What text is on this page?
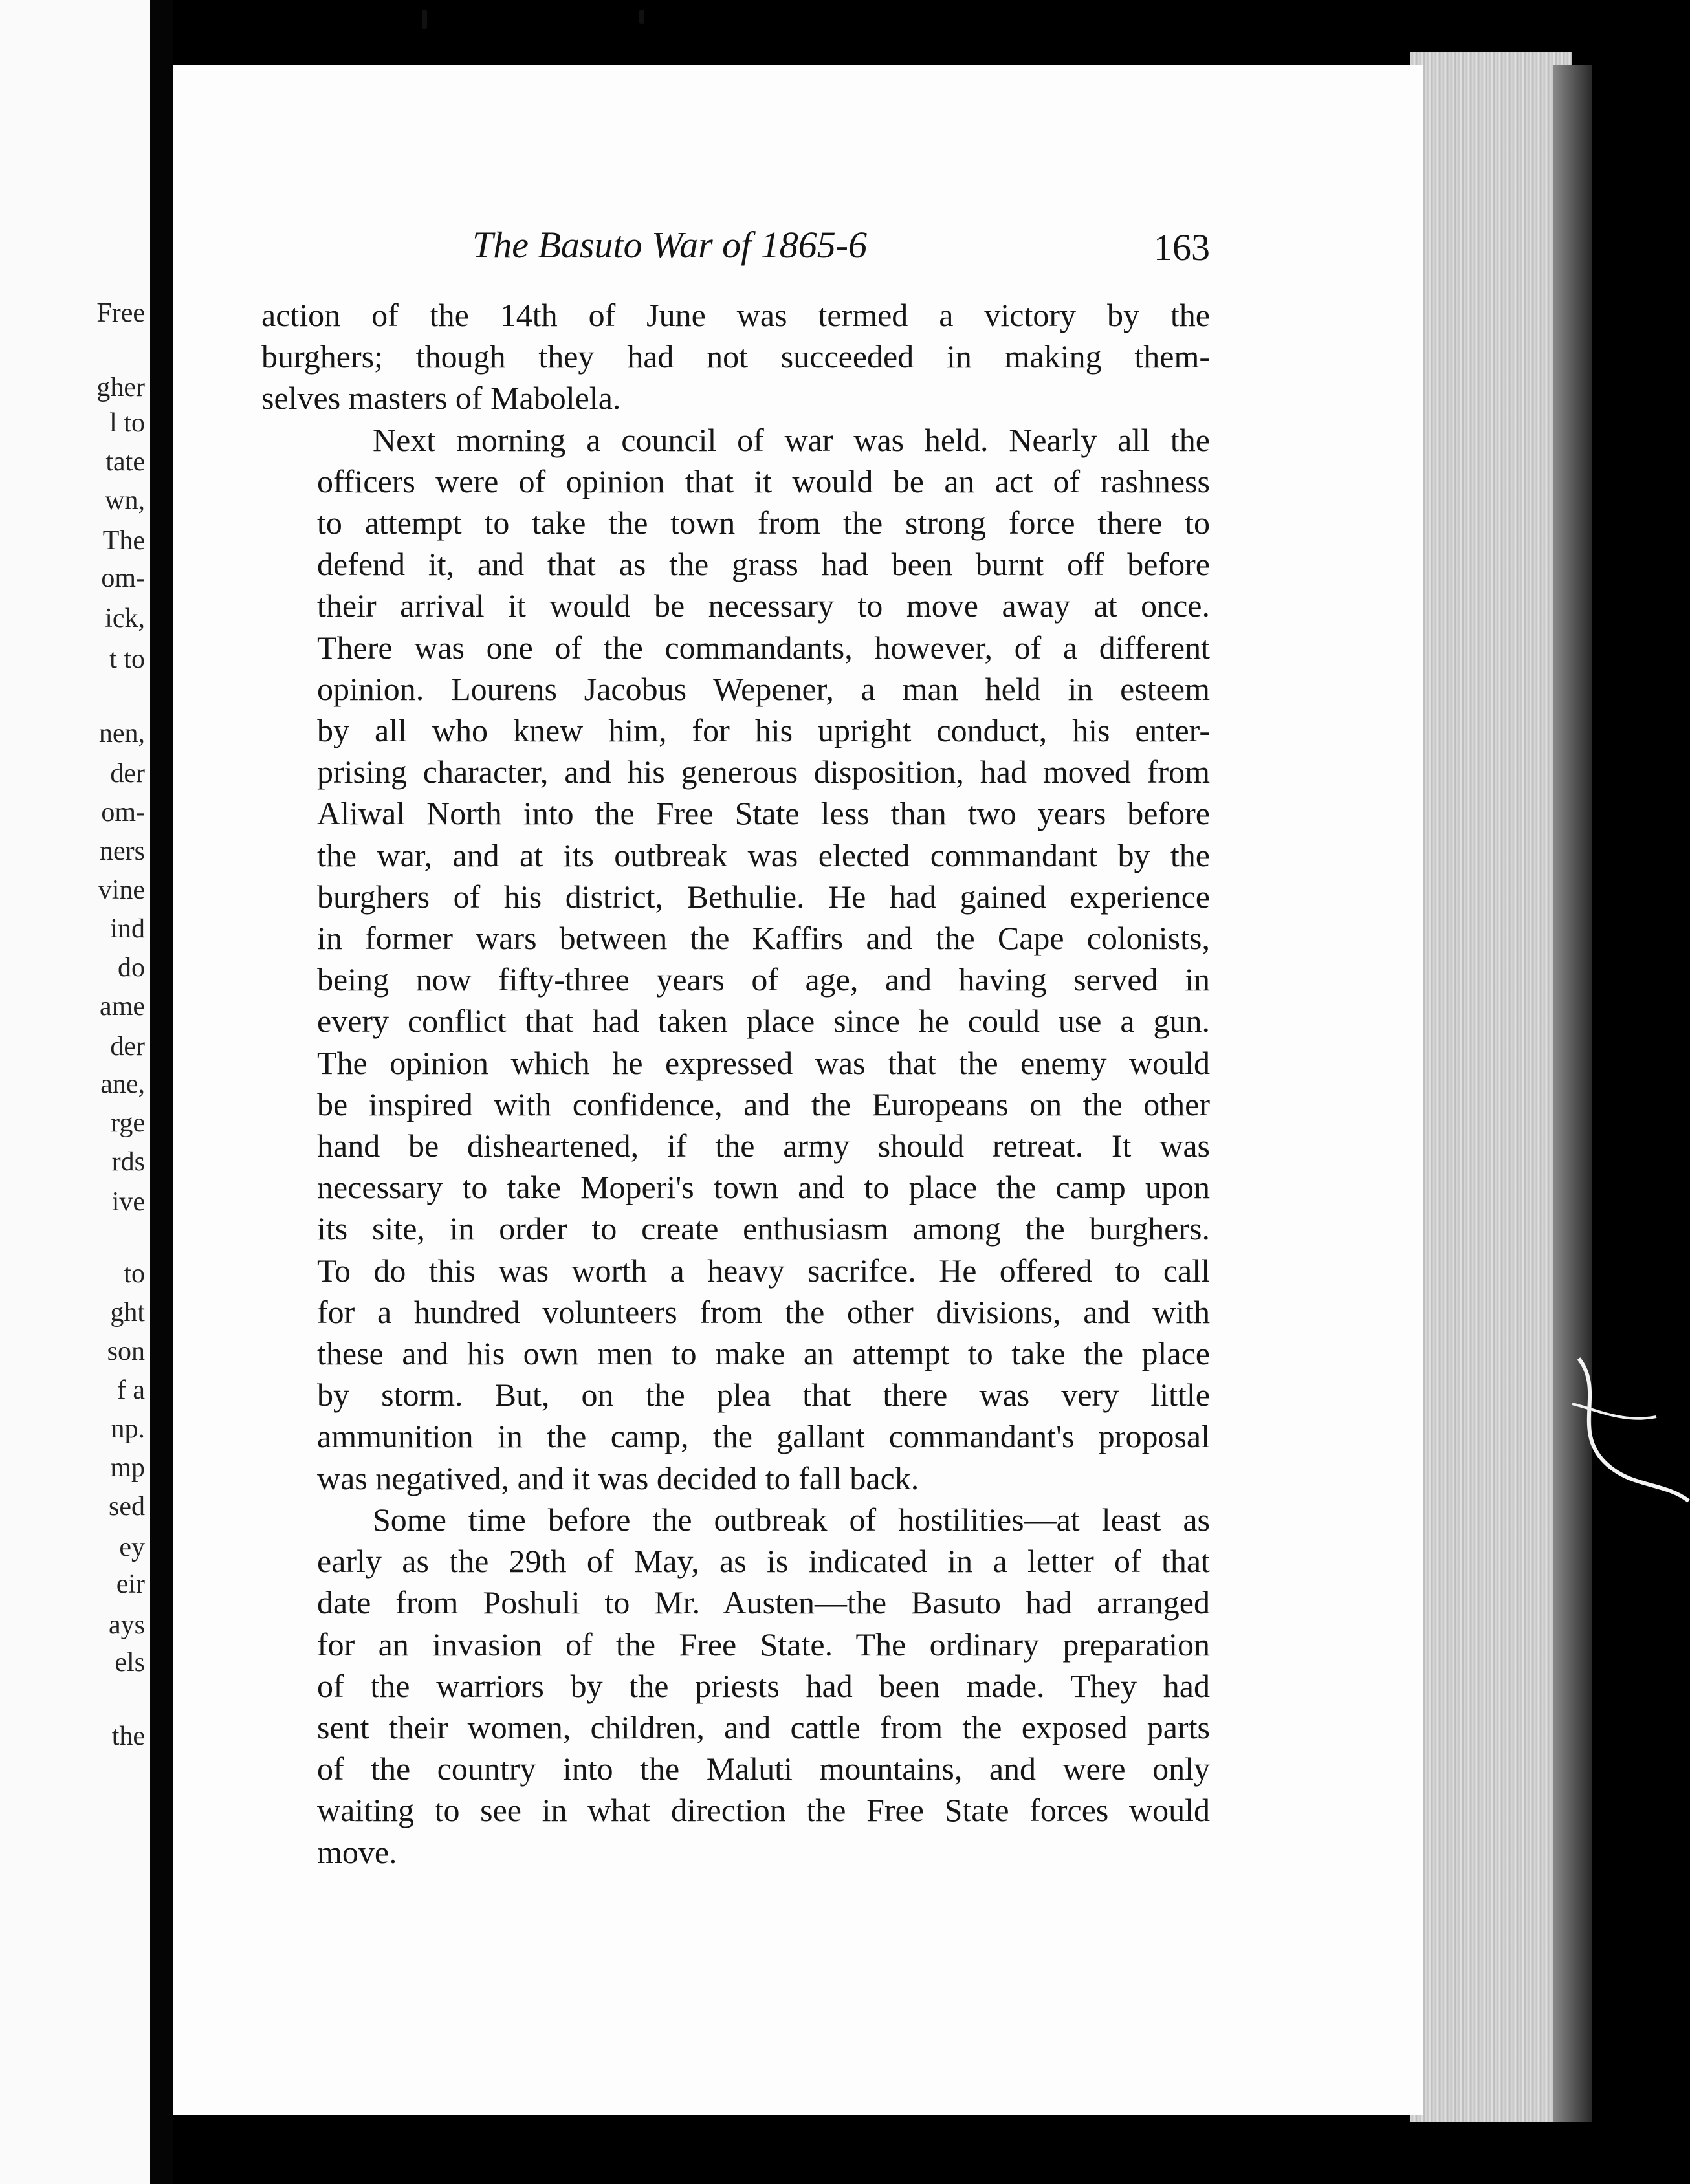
Free
gher
l to
tate
wn,
The
om-
ick,
t to
nen,
der
om-
ners
vine
ind
do
ame
der
ane,
rge
rds
ive
to
ght
son
f a
np.
mp
sed
ey
eir
ays
els
the
The Basuto War of 1865-6	163

action of the 14th of June was termed a victory by the
burghers; though they had not succeeded in making them-
selves masters of Mabolela.

Next morning a council of war was held. Nearly all the
officers were of opinion that it would be an act of rashness
to attempt to take the town from the strong force there to
defend it, and that as the grass had been burnt off before
their arrival it would be necessary to move away at once.
There was one of the commandants, however, of a different
opinion. Lourens Jacobus Wepener, a man held in esteem
by all who knew him, for his upright conduct, his enter-
prising character, and his generous disposition, had moved from
Aliwal North into the Free State less than two years before
the war, and at its outbreak was elected commandant by the
burghers of his district, Bethulie. He had gained experience
in former wars between the Kaffirs and the Cape colonists,
being now fifty-three years of age, and having served in
every conflict that had taken place since he could use a gun.
The opinion which he expressed was that the enemy would
be inspired with confidence, and the Europeans on the other
hand be disheartened, if the army should retreat. It was
necessary to take Moperi's town and to place the camp upon
its site, in order to create enthusiasm among the burghers.
To do this was worth a heavy sacrifce. He offered to call
for a hundred volunteers from the other divisions, and with
these and his own men to make an attempt to take the place
by storm. But, on the plea that there was very little
ammunition in the camp, the gallant commandant's proposal
was negatived, and it was decided to fall back.

Some time before the outbreak of hostilities—at least as
early as the 29th of May, as is indicated in a letter of that
date from Poshuli to Mr. Austen—the Basuto had arranged
for an invasion of the Free State. The ordinary preparation
of the warriors by the priests had been made. They had
sent their women, children, and cattle from the exposed parts
of the country into the Maluti mountains, and were only
waiting to see in what direction the Free State forces would
move.
